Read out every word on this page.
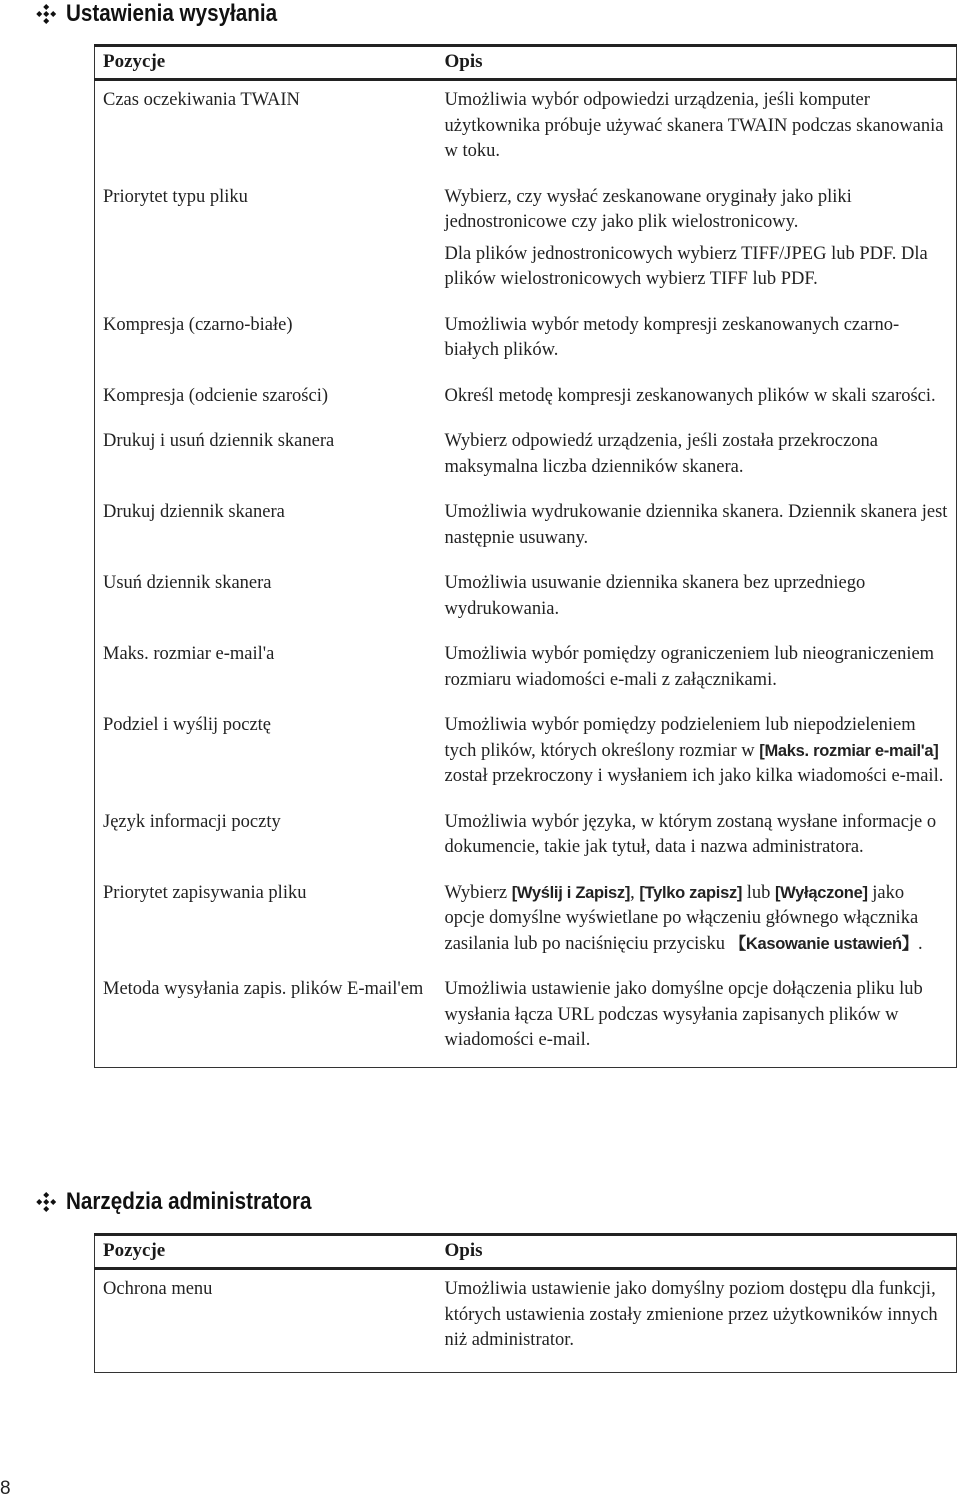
Ustawienia wysyłania
Pozycje	Opis
Czas oczekiwania TWAIN	Umożliwia wybór odpowiedzi urządzenia, jeśli komputer użytkownika próbuje używać skanera TWAIN podczas skanowania w toku.

Priorytet typu pliku	Wybierz, czy wysłać zeskanowane oryginały jako pliki jednostronicowe czy jako plik wielostronicowy.

Dla plików jednostronicowych wybierz TIFF/JPEG lub PDF. Dla plików wielostronicowych wybierz TIFF lub PDF.

Kompresja (czarno-białe)	Umożliwia wybór metody kompresji zeskanowanych czarno-białych plików.

Kompresja (odcienie szarości)	Określ metodę kompresji zeskanowanych plików w skali szarości.

Drukuj i usuń dziennik skanera	Wybierz odpowiedź urządzenia, jeśli została przekroczona maksymalna liczba dzienników skanera.

Drukuj dziennik skanera	Umożliwia wydrukowanie dziennika skanera. Dziennik skanera jest następnie usuwany.

Usuń dziennik skanera	Umożliwia usuwanie dziennika skanera bez uprzedniego wydrukowania.

Maks. rozmiar e-mail'a	Umożliwia wybór pomiędzy ograniczeniem lub nieograniczeniem rozmiaru wiadomości e-mali z załącznikami.

Podziel i wyślij pocztę	Umożliwia wybór pomiędzy podzieleniem lub niepodzieleniem tych plików, których określony rozmiar w [Maks. rozmiar e-mail'a] został przekroczony i wysłaniem ich jako kilka wiadomości e-mail.

Język informacji poczty	Umożliwia wybór języka, w którym zostaną wysłane informacje o dokumencie, takie jak tytuł, data i nazwa administratora.

Priorytet zapisywania pliku	Wybierz [Wyślij i Zapisz], [Tylko zapisz] lub [Wyłączone] jako opcje domyślne wyświetlane po włączeniu głównego włącznika zasilania lub po naciśnięciu przycisku 【Kasowanie ustawień】.

Metoda wysyłania zapis. plików E-mail'em	Umożliwia ustawienie jako domyślne opcje dołączenia pliku lub wysłania łącza URL podczas wysyłania zapisanych plików w wiadomości e-mail.

Narzędzia administratora
Pozycje	Opis
Ochrona menu	Umożliwia ustawienie jako domyślny poziom dostępu dla funkcji, których ustawienia zostały zmienione przez użytkowników innych niż administrator.

8
